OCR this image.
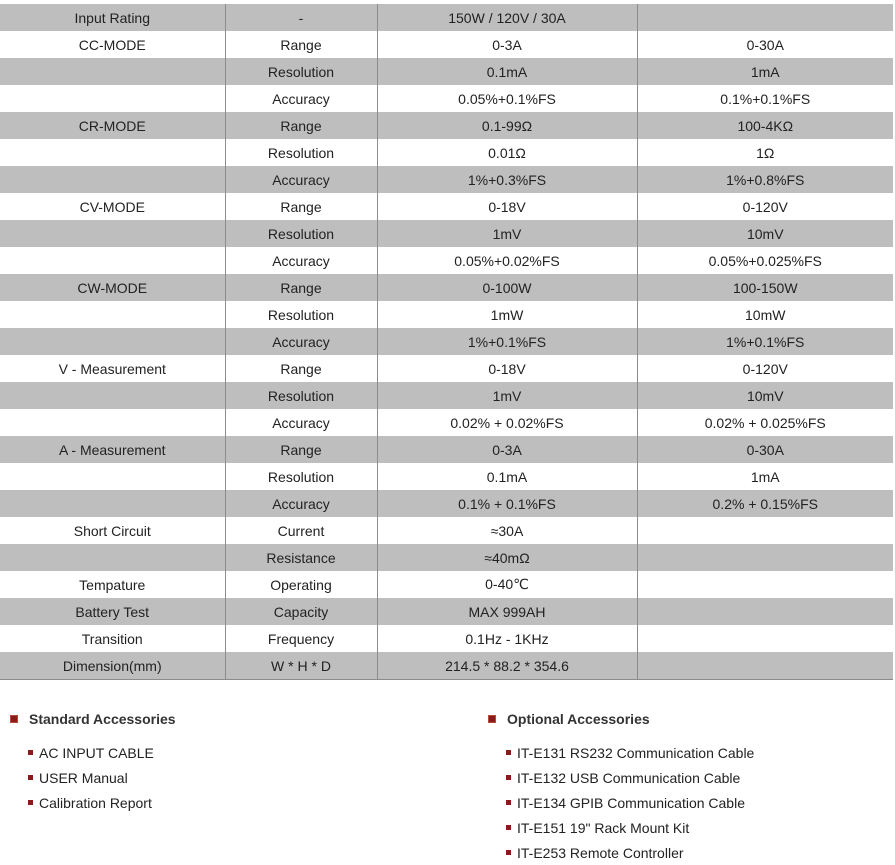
Input Rating	-	150W / 120V / 30A	
CC-MODE	Range	0-3A	0-30A
	Resolution	0.1mA	1mA
	Accuracy	0.05%+0.1%FS	0.1%+0.1%FS
CR-MODE	Range	0.1-99Ω	100-4KΩ
	Resolution	0.01Ω	1Ω
	Accuracy	1%+0.3%FS	1%+0.8%FS
CV-MODE	Range	0-18V	0-120V
	Resolution	1mV	10mV
	Accuracy	0.05%+0.02%FS	0.05%+0.025%FS
CW-MODE	Range	0-100W	100-150W
	Resolution	1mW	10mW
	Accuracy	1%+0.1%FS	1%+0.1%FS
V - Measurement	Range	0-18V	0-120V
	Resolution	1mV	10mV
	Accuracy	0.02% + 0.02%FS	0.02% + 0.025%FS
A - Measurement	Range	0-3A	0-30A
	Resolution	0.1mA	1mA
	Accuracy	0.1% + 0.1%FS	0.2% + 0.15%FS
Short Circuit	Current	≈30A	
	Resistance	≈40mΩ	
Tempature	Operating	0-40℃	
Battery Test	Capacity	MAX 999AH	
Transition	Frequency	0.1Hz - 1KHz	
Dimension(mm)	W * H * D	214.5 * 88.2 * 354.6	
Standard Accessories
AC INPUT CABLE
USER Manual
Calibration Report
Optional Accessories
IT-E131 RS232 Communication Cable
IT-E132 USB Communication Cable
IT-E134 GPIB Communication Cable
IT-E151 19" Rack Mount Kit
IT-E253 Remote Controller
